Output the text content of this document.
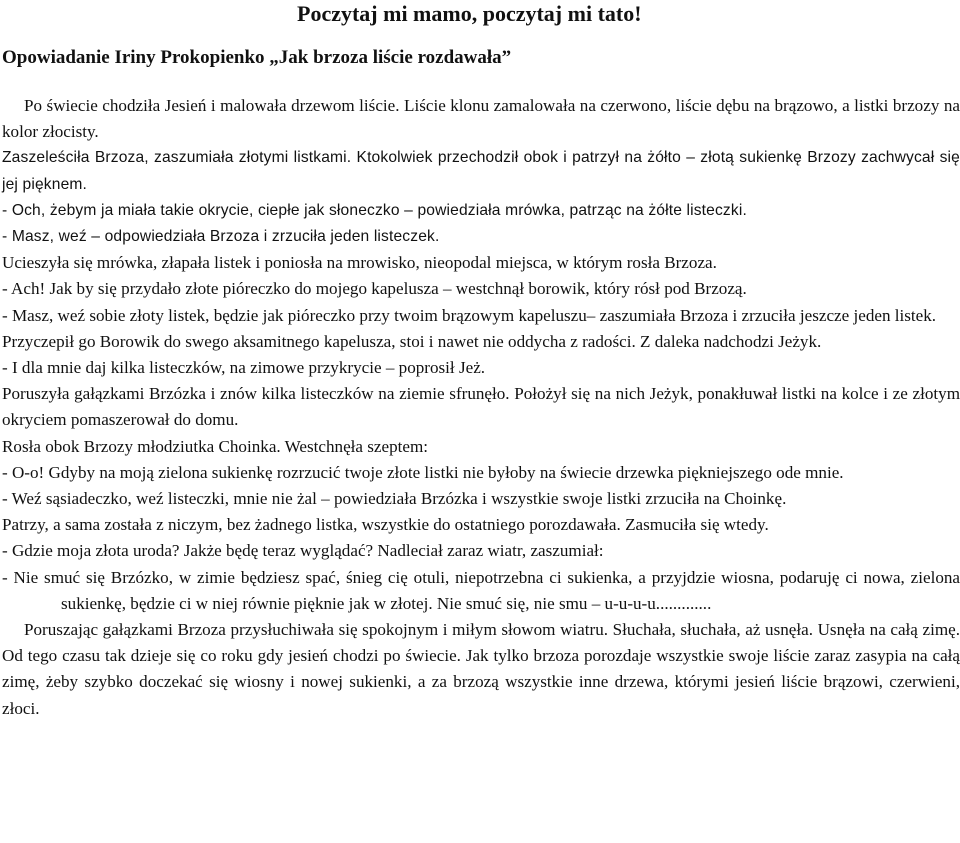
Poczytaj mi mamo, poczytaj mi tato!
Opowiadanie Iriny Prokopienko „Jak brzoza liście rozdawała”

Po świecie chodziła Jesień i malowała drzewom liście. Liście klonu zamalowała na czerwono, liście dębu na brązowo, a listki brzozy na kolor złocisty.

Zaszeleściła Brzoza, zaszumiała złotymi listkami. Ktokolwiek przechodził obok i patrzył na żółto – złotą sukienkę Brzozy zachwycał się jej pięknem.

- Och, żebym ja miała takie okrycie, ciepłe jak słoneczko – powiedziała mrówka, patrząc na żółte listeczki.

- Masz, weź – odpowiedziała Brzoza i zrzuciła jeden listeczek.

Ucieszyła się mrówka, złapała listek i poniosła na mrowisko, nieopodal miejsca, w którym rosła Brzoza.

- Ach! Jak by się przydało złote pióreczko do mojego kapelusza – westchnął borowik, który rósł pod Brzozą.

- Masz, weź sobie złoty listek, będzie jak pióreczko przy twoim brązowym kapeluszu– zaszumiała Brzoza i zrzuciła jeszcze jeden listek.

Przyczepił go Borowik do swego aksamitnego kapelusza, stoi i nawet nie oddycha z radości. Z daleka nadchodzi Jeżyk.

- I dla mnie daj kilka listeczków, na zimowe przykrycie – poprosił Jeż.

Poruszyła gałązkami Brzózka i znów kilka listeczków na ziemie sfrunęło. Położył się na nich Jeżyk, ponakłuwał listki na kolce i ze złotym okryciem pomaszerował do domu.

Rosła obok Brzozy młodziutka Choinka. Westchnęła szeptem:

- O-o! Gdyby na moją zielona sukienkę rozrzucić twoje złote listki nie byłoby na świecie drzewka piękniejszego ode mnie.

- Weź sąsiadeczko, weź listeczki, mnie nie żal – powiedziała Brzózka i wszystkie swoje listki zrzuciła na Choinkę.

Patrzy, a sama została z niczym, bez żadnego listka, wszystkie do ostatniego porozdawała. Zasmuciła się wtedy.

- Gdzie moja złota uroda? Jakże będę teraz wyglądać? Nadleciał zaraz wiatr, zaszumiał:

- Nie smuć się Brzózko, w zimie będziesz spać, śnieg cię otuli, niepotrzebna ci sukienka, a przyjdzie wiosna, podaruję ci nowa, zielona sukienkę, będzie ci w niej równie pięknie jak w złotej. Nie smuć się, nie smu – u-u-u-u.............

Poruszając gałązkami Brzoza przysłuchiwała się spokojnym i miłym słowom wiatru. Słuchała, słuchała, aż usnęła. Usnęła na całą zimę. Od tego czasu tak dzieje się co roku gdy jesień chodzi po świecie. Jak tylko brzoza porozdaje wszystkie swoje liście zaraz zasypia na całą zimę, żeby szybko doczekać się wiosny i nowej sukienki, a za brzozą wszystkie inne drzewa, którymi jesień liście brązowi, czerwieni, złoci.
